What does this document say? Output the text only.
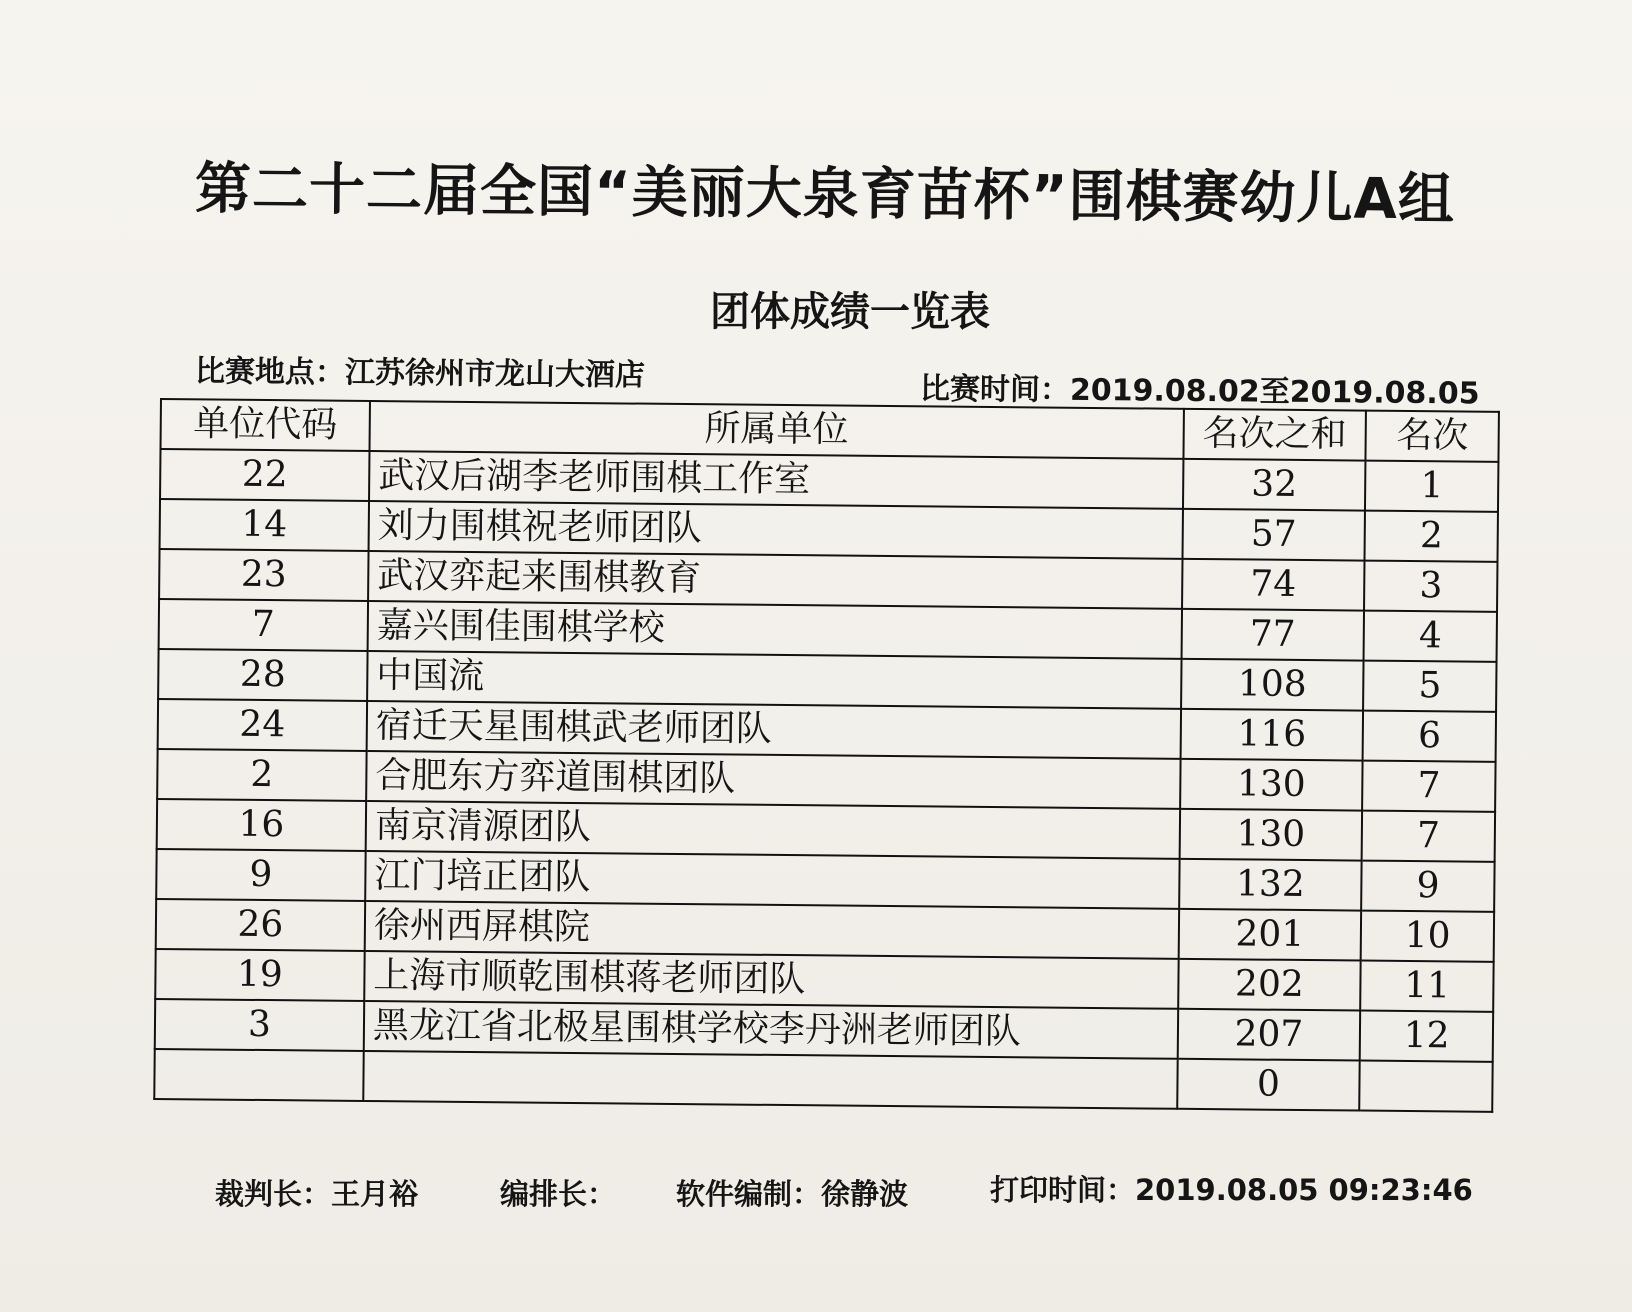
第二十二届全国“美丽大泉育苗杯”围棋赛幼儿A组
团体成绩一览表
比赛地点：江苏徐州市龙山大酒店	比赛时间：2019.08.02至2019.08.05
单位代码	所属单位	名次之和	名次
22	武汉后湖李老师围棋工作室	32	1
14	刘力围棋祝老师团队	57	2
23	武汉弈起来围棋教育	74	3
7	嘉兴围佳围棋学校	77	4
28	中国流	108	5
24	宿迁天星围棋武老师团队	116	6
2	合肥东方弈道围棋团队	130	7
16	南京清源团队	130	7
9	江门培正团队	132	9
26	徐州西屏棋院	201	10
19	上海市顺乾围棋蒋老师团队	202	11
3	黑龙江省北极星围棋学校李丹洲老师团队	207	12
		0	
裁判长：王月裕	编排长： 软件编制：徐静波	打印时间：2019.08.05 09:23:46
